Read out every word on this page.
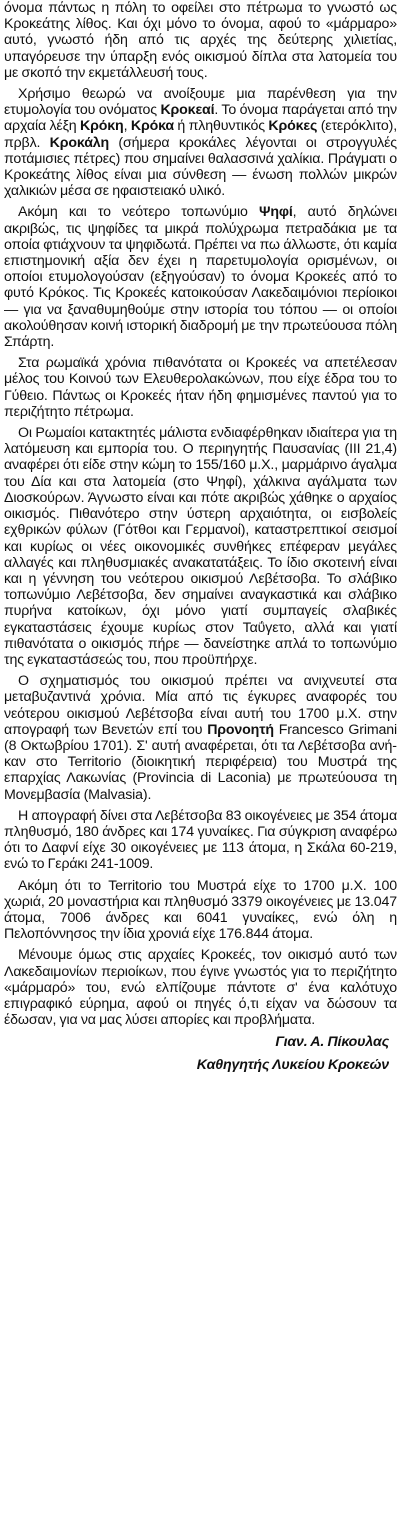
όνομα πάντως η πόλη το οφείλει στο πέτρωμα το γνωστό ως Κροκεάτης λίθος. Και όχι μόνο το όνομα, αφού το «μάρμαρο» αυτό, γνωστό ήδη από τις αρχές της δεύτερης χιλιετίας, υπαγόρευσε την ύπαρξη ενός οικισμού δίπλα στα λατομεία του με σκοπό την εκμετάλλευσή τους.

Χρήσιμο θεωρώ να ανοίξουμε μια παρένθεση για την ετυμολογία του ονόματος Κροκεαί. Το όνομα παράγεται από την αρχαία λέξη Κρόκη, Κρόκα ή πληθυντικός Κρόκες (ετερόκλιτο), πρβλ. Κροκάλη (σήμερα κροκάλες λέγονται οι στρογγυλές ποτάμισιες πέτρες) που σημαίνει θαλασσινά χαλίκια. Πράγματι ο Κροκεάτης λίθος είναι μια σύνθεση — ένωση πολλών μικρών χαλικιών μέσα σε ηφαιστειακό υλικό.

Ακόμη και το νεότερο τοπωνύμιο Ψηφί, αυτό δηλώνει ακριβώς, τις ψηφίδες τα μικρά πολύχρωμα πετραδάκια με τα οποία φτιάχνουν τα ψηφιδωτά. Πρέπει να πω άλλωστε, ότι καμία επιστημονική αξία δεν έχει η παρετυμολογία ορισμένων, οι οποίοι ετυμολογούσαν (εξηγούσαν) το όνομα Κροκεές από το φυτό Κρόκος. Τις Κροκεές κατοικούσαν Λακεδαιμόνιοι περίοικοι — για να ξαναθυμηθούμε στην ιστορία του τόπου — οι οποίοι ακολούθησαν κοινή ιστορική διαδρομή με την πρωτεύουσα πόλη Σπάρτη.

Στα ρωμαϊκά χρόνια πιθανότατα οι Κροκεές να απετέλεσαν μέλος του Κοινού των Ελευθερολακώνων, που είχε έδρα του το Γύθειο. Πάντως οι Κροκεές ήταν ήδη φημισμένες παντού για το περιζήτητο πέτρωμα.

Οι Ρωμαίοι κατακτητές μάλιστα ενδιαφέρθηκαν ιδιαίτερα για τη λατόμευση και εμπορία του. Ο περιηγητής Παυσανίας (ΙΙΙ 21,4) αναφέρει ότι είδε στην κώμη το 155/160 μ.Χ., μαρμάρινο άγαλμα του Δία και στα λατομεία (στο Ψηφί), χάλκινα αγάλματα των Διοσκούρων. Άγνωστο είναι και πότε ακριβώς χάθηκε ο αρχαίος οικισμός. Πιθανότερο στην ύστερη αρχαιότητα, οι εισβολείς εχθρικών φύλων (Γότθοι και Γερμανοί), καταστρεπτικοί σεισμοί και κυρίως οι νέες οικονομικές συνθήκες επέφεραν μεγάλες αλλαγές και πληθυσμιακές ανακατατάξεις. Το ίδιο σκοτεινή είναι και η γέννηση του νεότερου οικισμού Λεβέτσοβα. Το σλάβικο τοπωνύμιο Λεβέτσοβα, δεν σημαίνει αναγκαστικά και σλάβικο πυρήνα κατοίκων, όχι μόνο γιατί συμπαγείς σλαβικές εγκαταστάσεις έχουμε κυρίως στον Ταΰγετο, αλλά και γιατί πιθανότατα ο οικισμός πήρε — δανείστηκε απλά το τοπωνύμιο της εγκαταστάσεώς του, που προϋπήρχε.

Ο σχηματισμός του οικισμού πρέπει να ανιχνευτεί στα μεταβυζαντινά χρόνια. Μία από τις έγκυρες αναφορές του νεότερου οικισμού Λεβέτσοβα είναι αυτή του 1700 μ.Χ. στην απογραφή των Βενετών επί του Προνοητή Francesco Grimani (8 Οκτωβρίου 1701). Σ' αυτή αναφέρεται, ότι τα Λεβέτσοβα ανήκαν στο Territorio (διοικητική περιφέρεια) του Μυστρά της επαρχίας Λακωνίας (Provincia di Laconia) με πρωτεύουσα τη Μονεμβασία (Malvasia).

Η απογραφή δίνει στα Λεβέτσοβα 83 οικογένειες με 354 άτομα πληθυσμό, 180 άνδρες και 174 γυναίκες. Για σύγκριση αναφέρω ότι το Δαφνί είχε 30 οικογένειες με 113 άτομα, η Σκάλα 60-219, ενώ το Γεράκι 241-1009.

Ακόμη ότι το Territorio του Μυστρά είχε το 1700 μ.Χ. 100 χωριά, 20 μοναστήρια και πληθυσμό 3379 οικογένειες με 13.047 άτομα, 7006 άνδρες και 6041 γυναίκες, ενώ όλη η Πελοπόννησος την ίδια χρονιά είχε 176.844 άτομα.

Μένουμε όμως στις αρχαίες Κροκεές, τον οικισμό αυτό των Λακεδαιμονίων περιοίκων, που έγινε γνωστός για το περιζήτητο «μάρμαρό» του, ενώ ελπίζουμε πάντοτε σ' ένα καλότυχο επιγραφικό εύρημα, αφού οι πηγές ό,τι είχαν να δώσουν τα έδωσαν, για να μας λύσει απορίες και προβλήματα.

Γιαν. Α. Πίκουλας

Καθηγητής Λυκείου Κροκεών
